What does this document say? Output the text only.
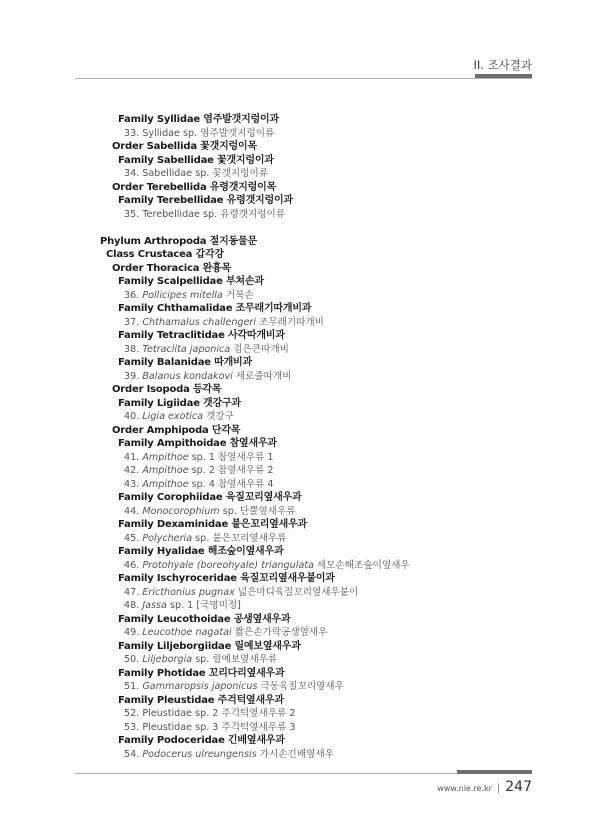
II. 조사결과
Family Syllidae 염주발갯지렁이과
33. Syllidae sp. 염주발갯지렁이류
Order Sabellida 꽃갯지렁이목
Family Sabellidae 꽃갯지렁이과
34. Sabellidae sp. 꽃갯지렁이류
Order Terebellida 유령갯지렁이목
Family Terebellidae 유령갯지렁이과
35. Terebellidae sp. 유령갯지렁이류
Phylum Arthropoda 절지동물문
Class Crustacea 갑각강
Order Thoracica 완흉목
Family Scalpellidae 부쳐손과
36. Pollicipes mitella 거북손
Family Chthamalidae 조무래기따개비과
37. Chthamalus challengeri 조무래기따개비
Family Tetraclitidae 사각따개비과
38. Tetraclita japonica 검은큰따개비
Family Balanidae 따개비과
39. Balanus kondakovi 세로줄따개비
Order Isopoda 등각목
Family Ligiidae 갯강구과
40. Ligia exotica 갯강구
Order Amphipoda 단각목
Family Ampithoidae 참옆새우과
41. Ampithoe sp. 1 참옆새우류 1
42. Ampithoe sp. 2 참옆새우류 2
43. Ampithoe sp. 4 참옆새우류 4
Family Corophiidae 육질꼬리옆새우과
44. Monocorophium sp. 단뿔옆새우류
Family Dexaminidae 붙은꼬리옆새우과
45. Polycheria sp. 붙은꼬리옆새우류
Family Hyalidae 해조숲이옆새우과
46. Protohyale (boreohyale) triangulata 세모손해조숲이옆새우
Family Ischyroceridae 육질꼬리옆새우붙이과
47. Ericthonius pugnax 넓은마디육질꼬리옆새우붙이
48. Jassa sp. 1 [국명미정]
Family Leucothoidae 공생옆새우과
49. Leucothoe nagatai 짧은손가락공생옆새우
Family Liljeborgiidae 릴예보옆새우과
50. Liljeborgia sp. 릴예보옆새우류
Family Photidae 꼬리다리옆새우과
51. Gammaropsis japonicus 극동육질꼬리옆새우
Family Pleustidae 주걱턱옆새우과
52. Pleustidae sp. 2 주걱턱옆새우류 2
53. Pleustidae sp. 3 주걱턱옆새우류 3
Family Podoceridae 긴배옆새우과
54. Podocerus ulreungensis 가시손긴배옆새우
www.nie.re.kr | 247
